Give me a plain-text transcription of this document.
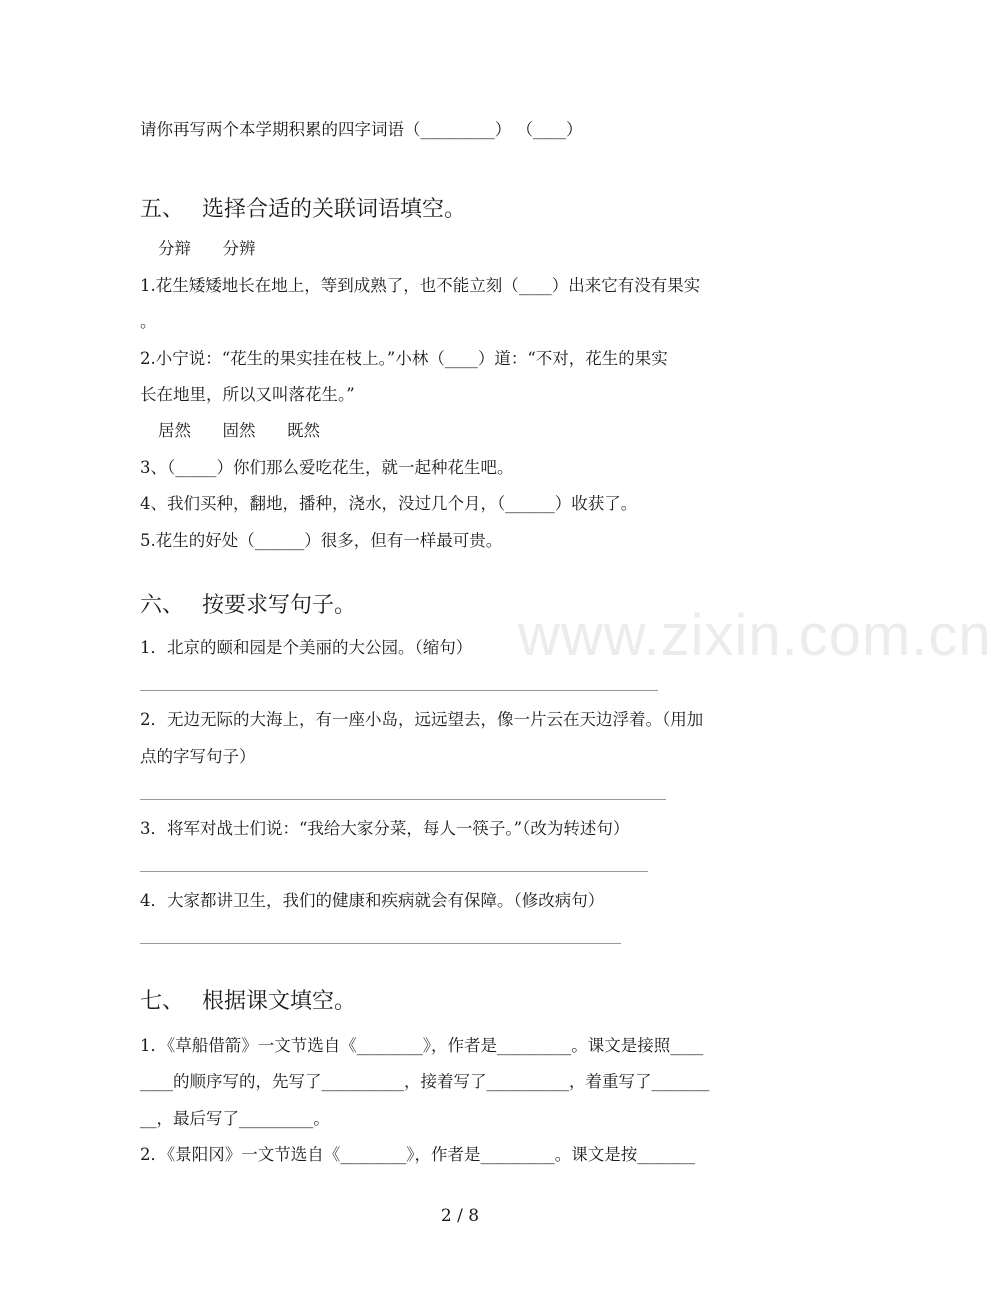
请你再写两个本学期积累的四字词语（_________） （____）
五、 选择合适的关联词语填空。
分辩      分辨
1.花生矮矮地长在地上，等到成熟了，也不能立刻（____）出来它有没有果实
。
2.小宁说：“花生的果实挂在枝上。”小林（____）道：“不对，花生的果实
长在地里，所以又叫落花生。”
居然      固然      既然
3、（_____）你们那么爱吃花生，就一起种花生吧。
4、我们买种，翻地，播种，浇水，没过几个月，（______）收获了。
5.花生的好处（______）很多，但有一样最可贵。
六、 按要求写句子。	www.zixin.com.cn
1．北京的颐和园是个美丽的大公园。（缩句）
2．无边无际的大海上，有一座小岛，远远望去，像一片云在天边浮着。（用加
点的字写句子）
3．将军对战士们说：“我给大家分菜，每人一筷子。”（改为转述句）
4．大家都讲卫生，我们的健康和疾病就会有保障。（修改病句）
七、 根据课文填空。
1．《草船借箭》一文节选自《________》，作者是_________。课文是接照____
____的顺序写的，先写了__________，接着写了__________，着重写了_______
__，最后写了_________。
2．《景阳冈》一文节选自《________》，作者是_________。课文是按_______
2 / 8
